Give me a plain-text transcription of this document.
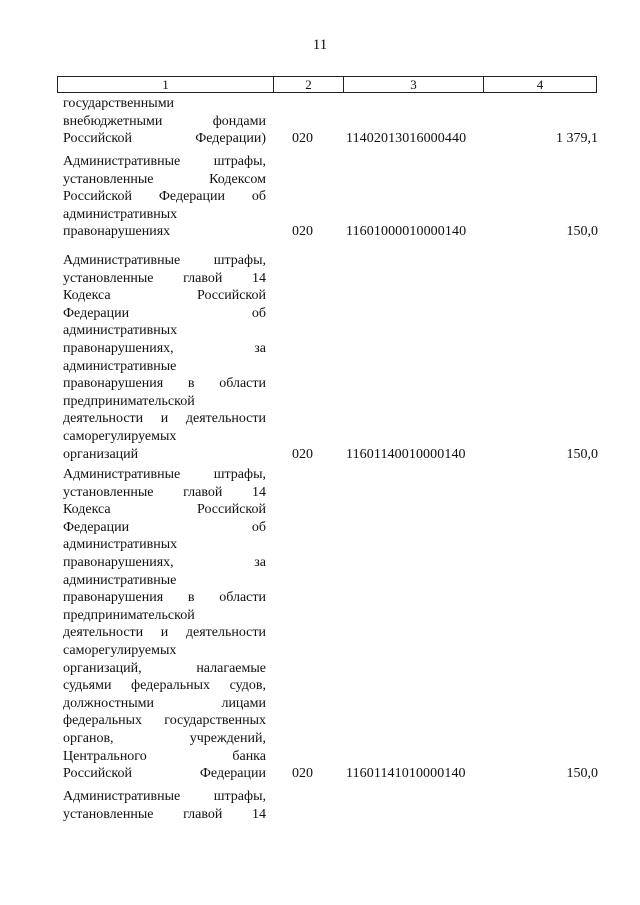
11
1	2	3	4
государственными
внебюджетными фондами
Российской Федерации) 020 11402013016000440	1 379,1
Административные штрафы,
установленные Кодексом
Российской Федерации об
административных
правонарушениях	020 11601000010000140	150,0
Административные штрафы,
установленные главой 14
Кодекса Российской
Федерации об
административных
правонарушениях, за
административные
правонарушения в области
предпринимательской
деятельности и деятельности
саморегулируемых
организаций	020 11601140010000140	150,0
Административные штрафы,
установленные главой 14
Кодекса Российской
Федерации об
административных
правонарушениях, за
административные
правонарушения в области
предпринимательской
деятельности и деятельности
саморегулируемых
организаций, налагаемые
судьями федеральных судов,
должностными лицами
федеральных государственных
органов, учреждений,
Центрального банка
Российской Федерации 020 11601141010000140	150,0
Административные штрафы,
установленные главой 14
